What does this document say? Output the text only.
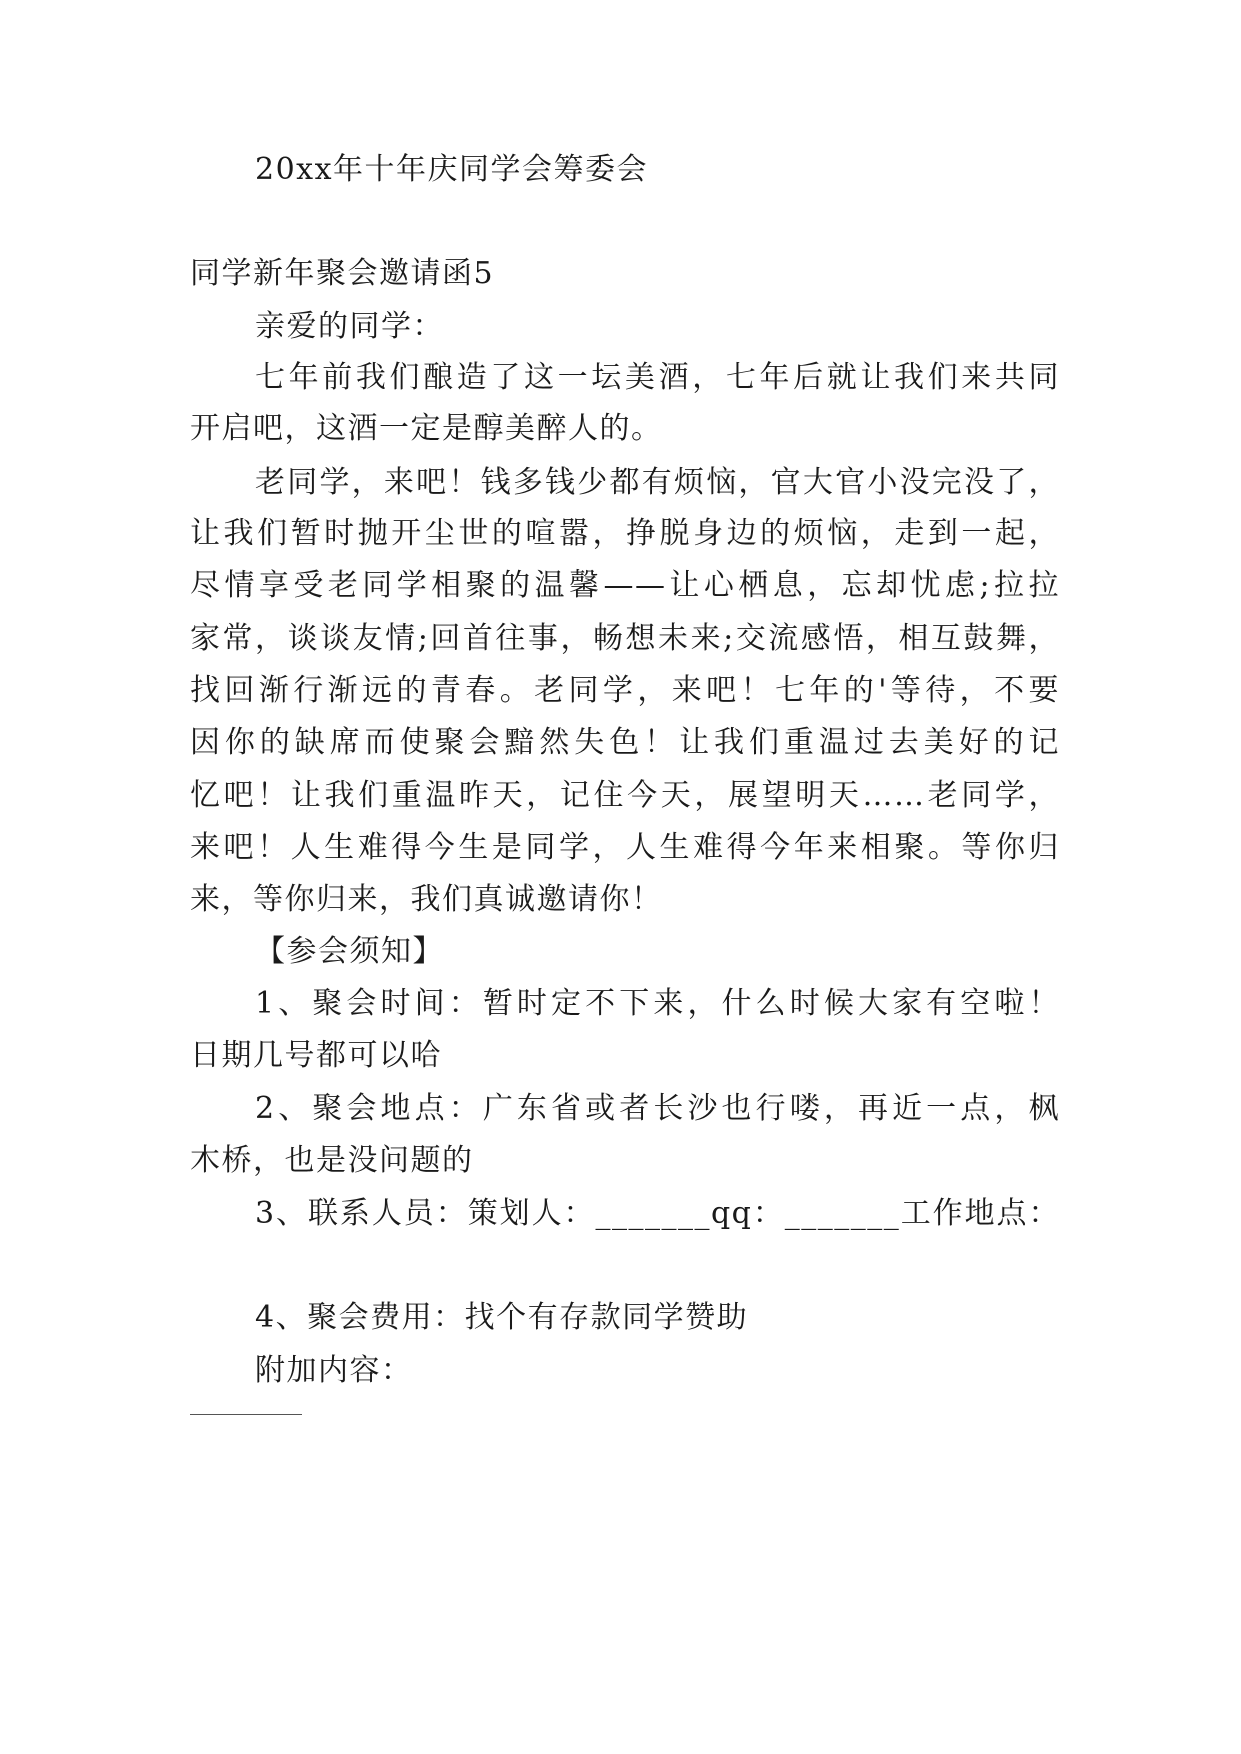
20xx年十年庆同学会筹委会
同学新年聚会邀请函5
亲爱的同学：
七年前我们酿造了这一坛美酒，七年后就让我们来共同
开启吧，这酒一定是醇美醉人的。
老同学，来吧！钱多钱少都有烦恼，官大官小没完没了，
让我们暂时抛开尘世的喧嚣，挣脱身边的烦恼，走到一起，
尽情享受老同学相聚的温馨——让心栖息，忘却忧虑;拉拉
家常，谈谈友情;回首往事，畅想未来;交流感悟，相互鼓舞，
找回渐行渐远的青春。老同学，来吧！七年的'等待，不要
因你的缺席而使聚会黯然失色！让我们重温过去美好的记
忆吧！让我们重温昨天，记住今天，展望明天……老同学，
来吧！人生难得今生是同学，人生难得今年来相聚。等你归
来，等你归来，我们真诚邀请你！
【参会须知】
1、聚会时间：暂时定不下来，什么时候大家有空啦！
日期几号都可以哈
2、聚会地点：广东省或者长沙也行喽，再近一点，枫
木桥，也是没问题的
3、联系人员：策划人：_______qq：_______工作地点：
4、聚会费用：找个有存款同学赞助
附加内容：
